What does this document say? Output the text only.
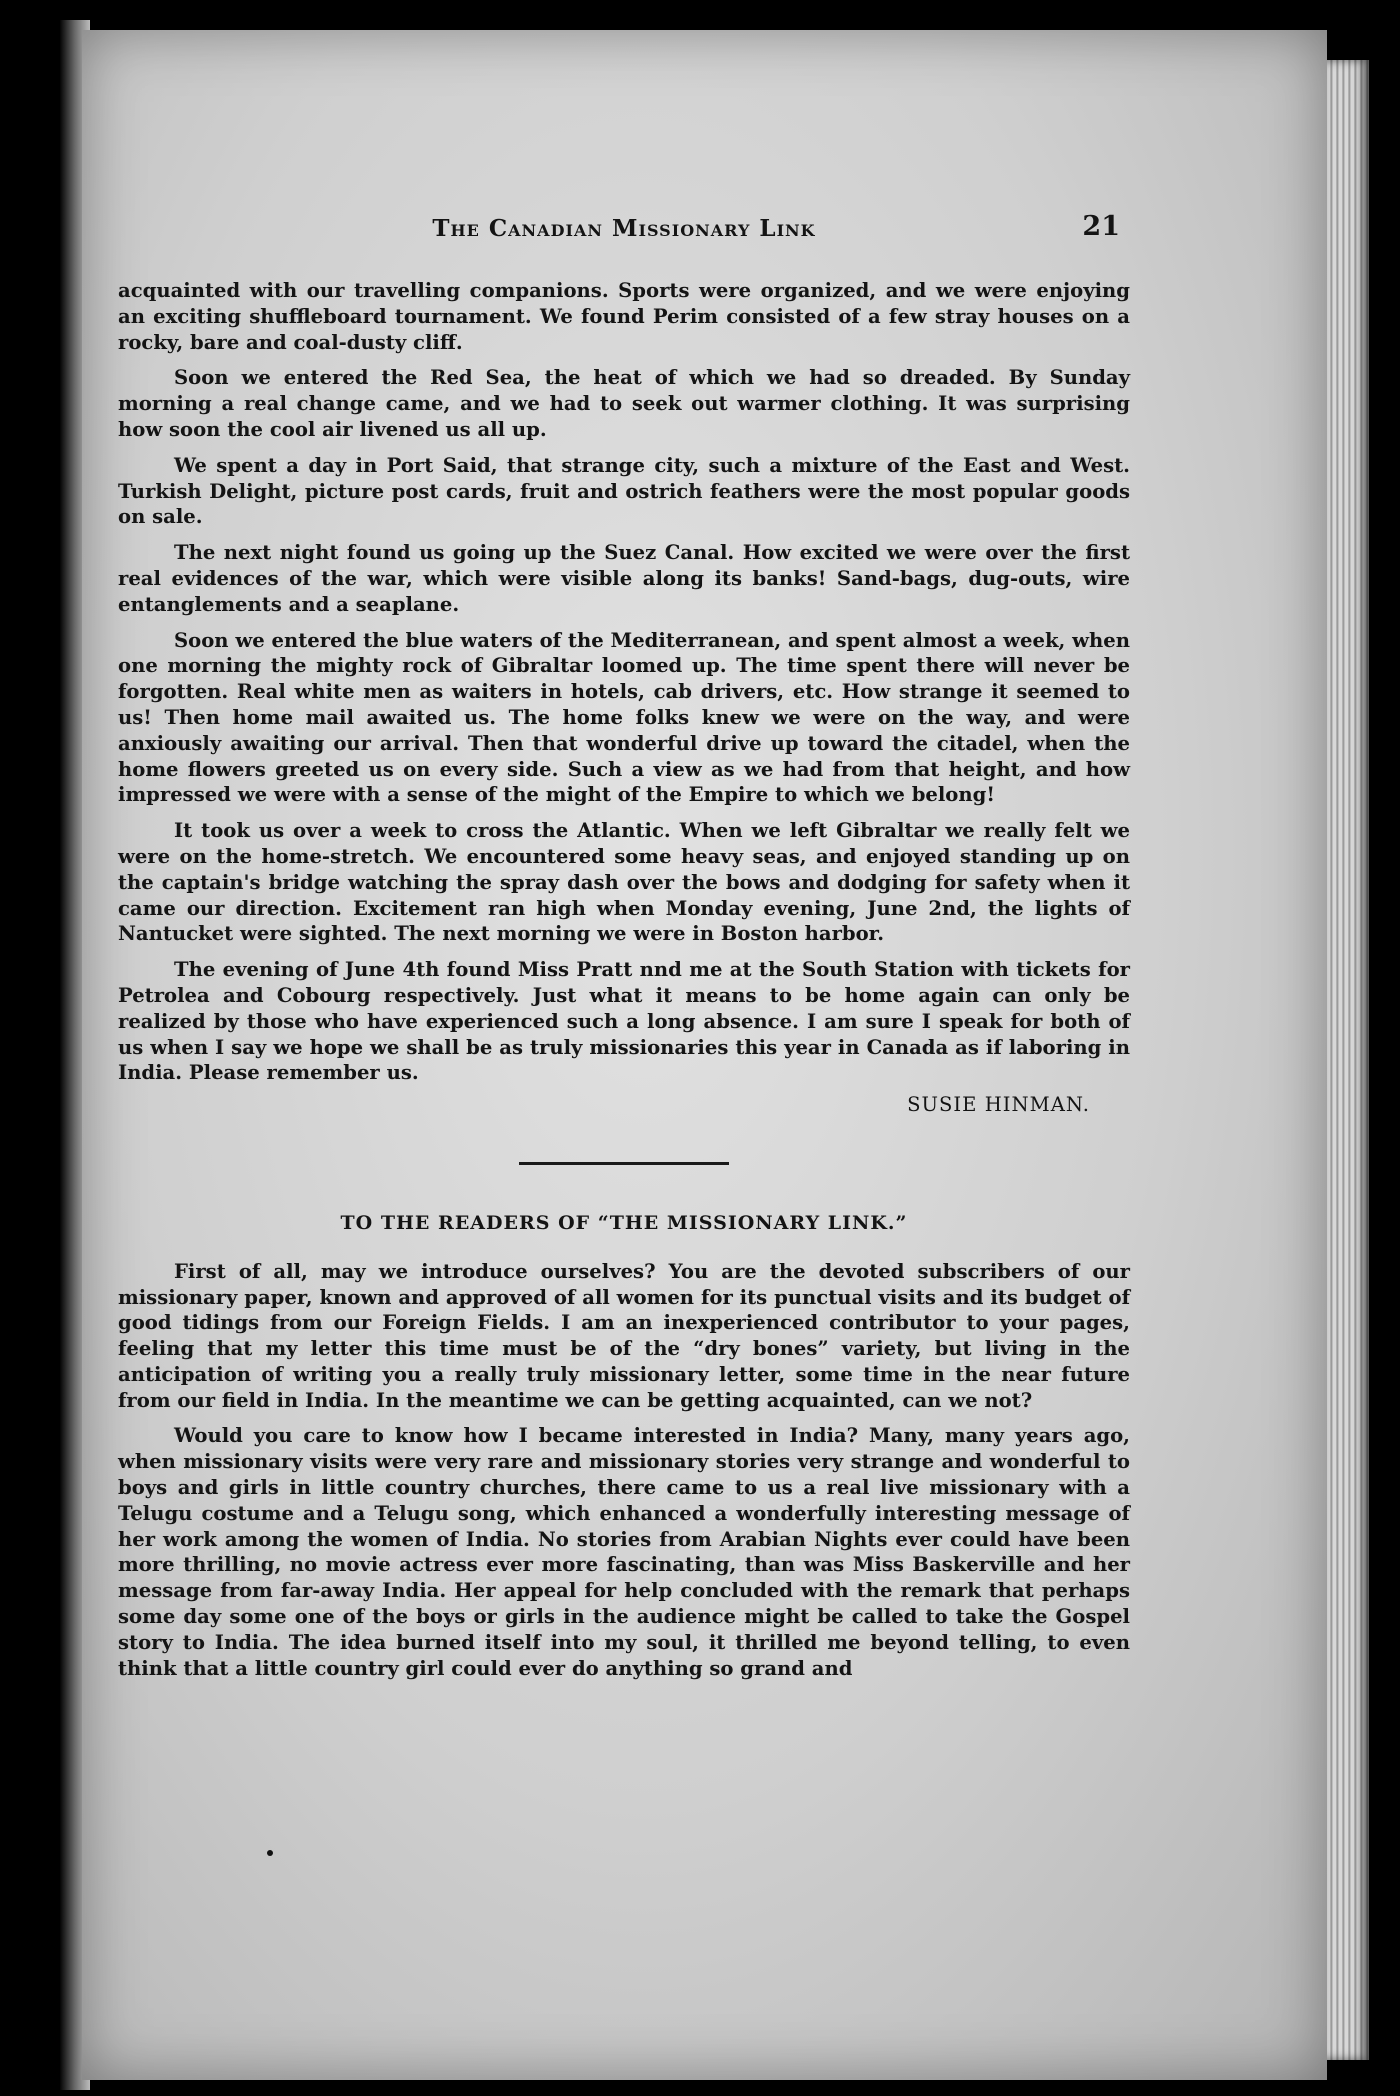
The Canadian Missionary Link	21

acquainted with our travelling companions. Sports were organized, and we were enjoying an exciting shuffleboard tournament. We found Perim consisted of a few stray houses on a rocky, bare and coal-dusty cliff.

Soon we entered the Red Sea, the heat of which we had so dreaded. By Sunday morning a real change came, and we had to seek out warmer clothing. It was surprising how soon the cool air livened us all up.

We spent a day in Port Said, that strange city, such a mixture of the East and West. Turkish Delight, picture post cards, fruit and ostrich feathers were the most popular goods on sale.

The next night found us going up the Suez Canal. How excited we were over the first real evidences of the war, which were visible along its banks! Sand-bags, dug-outs, wire entanglements and a seaplane.

Soon we entered the blue waters of the Mediterranean, and spent almost a week, when one morning the mighty rock of Gibraltar loomed up. The time spent there will never be forgotten. Real white men as waiters in hotels, cab drivers, etc. How strange it seemed to us! Then home mail awaited us. The home folks knew we were on the way, and were anxiously awaiting our arrival. Then that wonderful drive up toward the citadel, when the home flowers greeted us on every side. Such a view as we had from that height, and how impressed we were with a sense of the might of the Empire to which we belong!

It took us over a week to cross the Atlantic. When we left Gibraltar we really felt we were on the home-stretch. We encountered some heavy seas, and enjoyed standing up on the captain's bridge watching the spray dash over the bows and dodging for safety when it came our direction. Excitement ran high when Monday evening, June 2nd, the lights of Nantucket were sighted. The next morning we were in Boston harbor.

The evening of June 4th found Miss Pratt nnd me at the South Station with tickets for Petrolea and Cobourg respectively. Just what it means to be home again can only be realized by those who have experienced such a long absence. I am sure I speak for both of us when I say we hope we shall be as truly missionaries this year in Canada as if laboring in India. Please remember us.

SUSIE HINMAN.
TO THE READERS OF “THE MISSIONARY LINK.”

First of all, may we introduce ourselves? You are the devoted subscribers of our missionary paper, known and approved of all women for its punctual visits and its budget of good tidings from our Foreign Fields. I am an inexperienced contributor to your pages, feeling that my letter this time must be of the “dry bones” variety, but living in the anticipation of writing you a really truly missionary letter, some time in the near future from our field in India. In the meantime we can be getting acquainted, can we not?

Would you care to know how I became interested in India? Many, many years ago, when missionary visits were very rare and missionary stories very strange and wonderful to boys and girls in little country churches, there came to us a real live missionary with a Telugu costume and a Telugu song, which enhanced a wonderfully interesting message of her work among the women of India. No stories from Arabian Nights ever could have been more thrilling, no movie actress ever more fascinating, than was Miss Baskerville and her message from far-away India. Her appeal for help concluded with the remark that perhaps some day some one of the boys or girls in the audience might be called to take the Gospel story to India. The idea burned itself into my soul, it thrilled me beyond telling, to even think that a little country girl could ever do anything so grand and
